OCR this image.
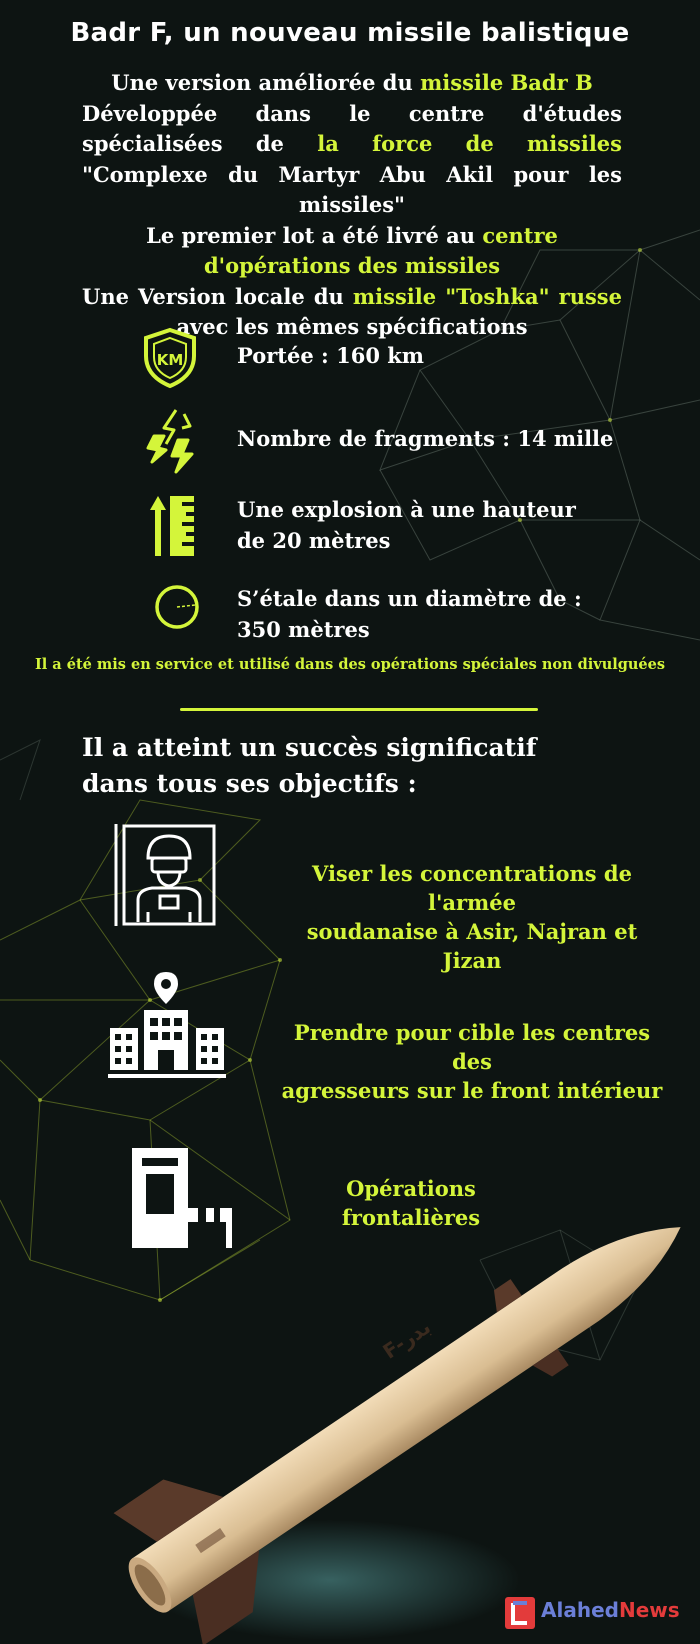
F-بدر
Badr F, un nouveau missile balistique

Une version améliorée du missile Badr B

Développée dans le centre d'études spécialisées de la force de missiles "Complexe du Martyr Abu Akil pour les missiles"

Le premier lot a été livré au centre d'opérations des missiles

Une Version locale du missile "Toshka" russe avec les mêmes spécifications

KM	Portée : 160 km
Nombre de fragments : 14 mille
Une explosion à une hauteur
de 20 mètres
S’étale dans un diamètre de :
350 mètres
Il a été mis en service et utilisé dans des opérations spéciales non divulguées
Il a atteint un succès significatif dans tous ses objectifs :
Viser les concentrations de l'armée
soudanaise à Asir, Najran et Jizan
Prendre pour cible les centres des
agresseurs sur le front intérieur
Opérations frontalières
AlahedNews
